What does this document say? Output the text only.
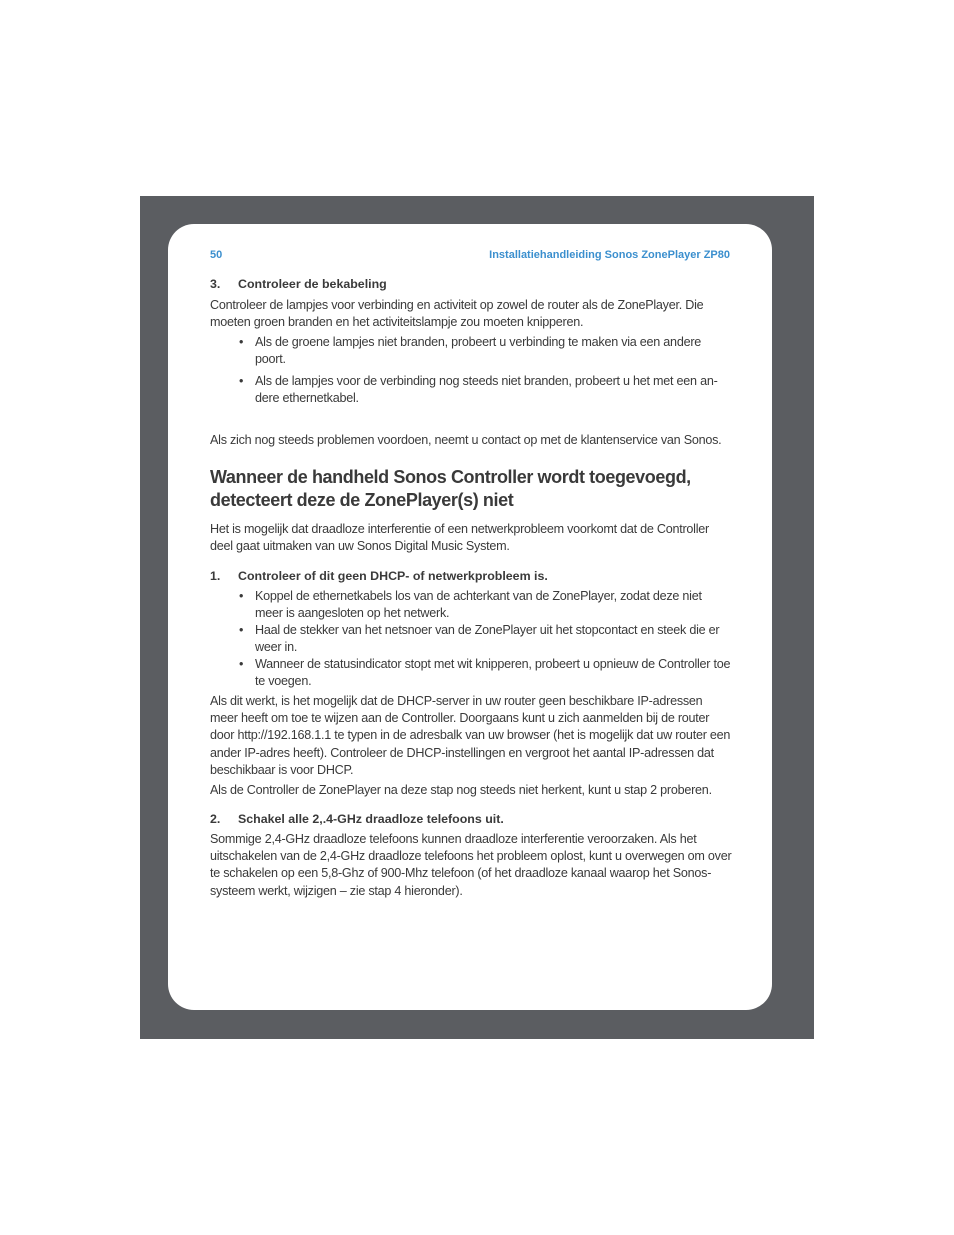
50	Installatiehandleiding Sonos ZonePlayer ZP80
3. Controleer de bekabeling
Controleer de lampjes voor verbinding en activiteit op zowel de router als de ZonePlayer. Die moeten groen branden en het activiteitslampje zou moeten knipperen.
• Als de groene lampjes niet branden, probeert u verbinding te maken via een andere poort.
• Als de lampjes voor de verbinding nog steeds niet branden, probeert u het met een an-dere ethernetkabel.
Als zich nog steeds problemen voordoen, neemt u contact op met de klantenservice van Sonos.
Wanneer de handheld Sonos Controller wordt toegevoegd,
detecteert deze de ZonePlayer(s) niet
Het is mogelijk dat draadloze interferentie of een netwerkprobleem voorkomt dat de Controller deel gaat uitmaken van uw Sonos Digital Music System.
1. Controleer of dit geen DHCP- of netwerkprobleem is.
• Koppel de ethernetkabels los van de achterkant van de ZonePlayer, zodat deze niet meer is aangesloten op het netwerk.
• Haal de stekker van het netsnoer van de ZonePlayer uit het stopcontact en steek die er weer in.
• Wanneer de statusindicator stopt met wit knipperen, probeert u opnieuw de Controller toe te voegen.
Als dit werkt, is het mogelijk dat de DHCP-server in uw router geen beschikbare IP-adressen meer heeft om toe te wijzen aan de Controller. Doorgaans kunt u zich aanmelden bij de router door http://192.168.1.1 te typen in de adresbalk van uw browser (het is mogelijk dat uw router een ander IP-adres heeft). Controleer de DHCP-instellingen en vergroot het aantal IP-adressen dat beschikbaar is voor DHCP.
Als de Controller de ZonePlayer na deze stap nog steeds niet herkent, kunt u stap 2 proberen.
2. Schakel alle 2,.4-GHz draadloze telefoons uit.
Sommige 2,4-GHz draadloze telefoons kunnen draadloze interferentie veroorzaken. Als het uitschakelen van de 2,4-GHz draadloze telefoons het probleem oplost, kunt u overwegen om over te schakelen op een 5,8-Ghz of 900-Mhz telefoon (of het draadloze kanaal waarop het Sonos-systeem werkt, wijzigen – zie stap 4 hieronder).
